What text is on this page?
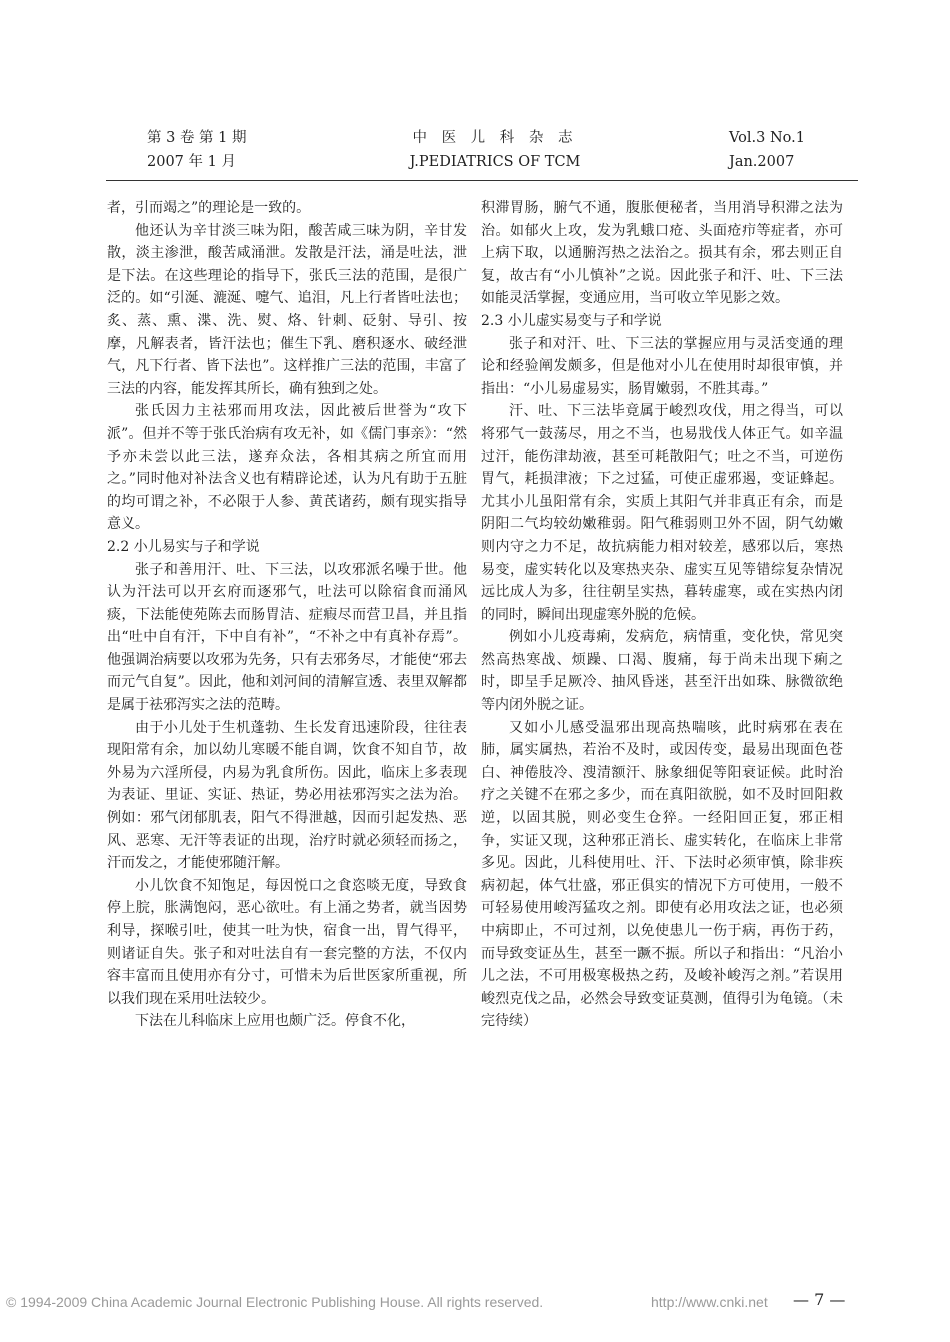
第 3 卷 第 1 期
2007 年 1 月
中 医 儿 科 杂 志
J.PEDIATRICS OF TCM
Vol.3 No.1
Jan.2007

者，引而竭之”的理论是一致的。

他还认为辛甘淡三味为阳，酸苦咸三味为阴，辛甘发散，淡主渗泄，酸苦咸涌泄。发散是汗法，涌是吐法，泄是下法。在这些理论的指导下，张氏三法的范围，是很广泛的。如“引涎、漉涎、嚏气、追泪，凡上行者皆吐法也；炙、蒸、熏、渫、洗、熨、烙、针刺、砭射、导引、按摩，凡解表者，皆汗法也；催生下乳、磨积逐水、破经泄气，凡下行者、皆下法也”。这样推广三法的范围，丰富了三法的内容，能发挥其所长，确有独到之处。

张氏因力主祛邪而用攻法，因此被后世誉为“攻下派”。但并不等于张氏治病有攻无补，如《儒门事亲》：“然予亦未尝以此三法，遂弃众法，各相其病之所宜而用之。”同时他对补法含义也有精辟论述，认为凡有助于五脏的均可谓之补，不必限于人参、黄芪诸药，颇有现实指导意义。

2.2 小儿易实与子和学说

张子和善用汗、吐、下三法，以攻邪派名噪于世。他认为汗法可以开玄府而逐邪气，吐法可以除宿食而涌风痰，下法能使苑陈去而肠胃洁、症瘕尽而营卫昌，并且指出“吐中自有汗，下中自有补”，“不补之中有真补存焉”。他强调治病要以攻邪为先务，只有去邪务尽，才能使“邪去而元气自复”。因此，他和刘河间的清解宣透、表里双解都是属于祛邪泻实之法的范畴。

由于小儿处于生机蓬勃、生长发育迅速阶段，往往表现阳常有余，加以幼儿寒暖不能自调，饮食不知自节，故外易为六淫所侵，内易为乳食所伤。因此，临床上多表现为表证、里证、实证、热证，势必用祛邪泻实之法为治。例如：邪气闭郁肌表，阳气不得泄越，因而引起发热、恶风、恶寒、无汗等表证的出现，治疗时就必须轻而扬之，汗而发之，才能使邪随汗解。

小儿饮食不知饱足，每因悦口之食恣啖无度，导致食停上脘，胀满饱闷，恶心欲吐。有上涌之势者，就当因势利导，探喉引吐，使其一吐为快，宿食一出，胃气得平，则诸证自失。张子和对吐法自有一套完整的方法，不仅内容丰富而且使用亦有分寸，可惜未为后世医家所重视，所以我们现在采用吐法较少。

下法在儿科临床上应用也颇广泛。停食不化，

积滞胃肠，腑气不通，腹胀便秘者，当用消导积滞之法为治。如郁火上攻，发为乳蛾口疮、头面疮疖等症者，亦可上病下取，以通腑泻热之法治之。损其有余，邪去则正自复，故古有“小儿慎补”之说。因此张子和汗、吐、下三法如能灵活掌握，变通应用，当可收立竿见影之效。

2.3 小儿虚实易变与子和学说

张子和对汗、吐、下三法的掌握应用与灵活变通的理论和经验阐发颇多，但是他对小儿在使用时却很审慎，并指出：“小儿易虚易实，肠胃嫩弱，不胜其毒。”

汗、吐、下三法毕竟属于峻烈攻伐，用之得当，可以将邪气一鼓荡尽，用之不当，也易戕伐人体正气。如辛温过汗，能伤津劫液，甚至可耗散阳气；吐之不当，可逆伤胃气，耗损津液；下之过猛，可使正虚邪遏，变证蜂起。尤其小儿虽阳常有余，实质上其阳气并非真正有余，而是阴阳二气均较幼嫩稚弱。阳气稚弱则卫外不固，阴气幼嫩则内守之力不足，故抗病能力相对较差，感邪以后，寒热易变，虚实转化以及寒热夹杂、虚实互见等错综复杂情况远比成人为多，往往朝呈实热，暮转虚寒，或在实热内闭的同时，瞬间出现虚寒外脱的危候。

例如小儿疫毒痢，发病危，病情重，变化快，常见突然高热寒战、烦躁、口渴、腹痛，每于尚未出现下痢之时，即呈手足厥冷、抽风昏迷，甚至汗出如珠、脉微欲绝等内闭外脱之证。

又如小儿感受温邪出现高热喘咳，此时病邪在表在肺，属实属热，若治不及时，或因传变，最易出现面色苍白、神倦肢冷、溲清额汗、脉象细促等阳衰证候。此时治疗之关键不在邪之多少，而在真阳欲脱，如不及时回阳救逆，以固其脱，则必变生仓猝。一经阳回正复，邪正相争，实证又现，这种邪正消长、虚实转化，在临床上非常多见。因此，儿科使用吐、汗、下法时必须审慎，除非疾病初起，体气壮盛，邪正俱实的情况下方可使用，一般不可轻易使用峻泻猛攻之剂。即使有必用攻法之证，也必须中病即止，不可过剂，以免使患儿一伤于病，再伤于药，而导致变证丛生，甚至一蹶不振。所以子和指出：“凡治小儿之法，不可用极寒极热之药，及峻补峻泻之剂。”若误用峻烈克伐之品，必然会导致变证莫测，值得引为龟镜。（未完待续）

— 7 —
© 1994-2009 China Academic Journal Electronic Publishing House. All rights reserved.	http://www.cnki.net
